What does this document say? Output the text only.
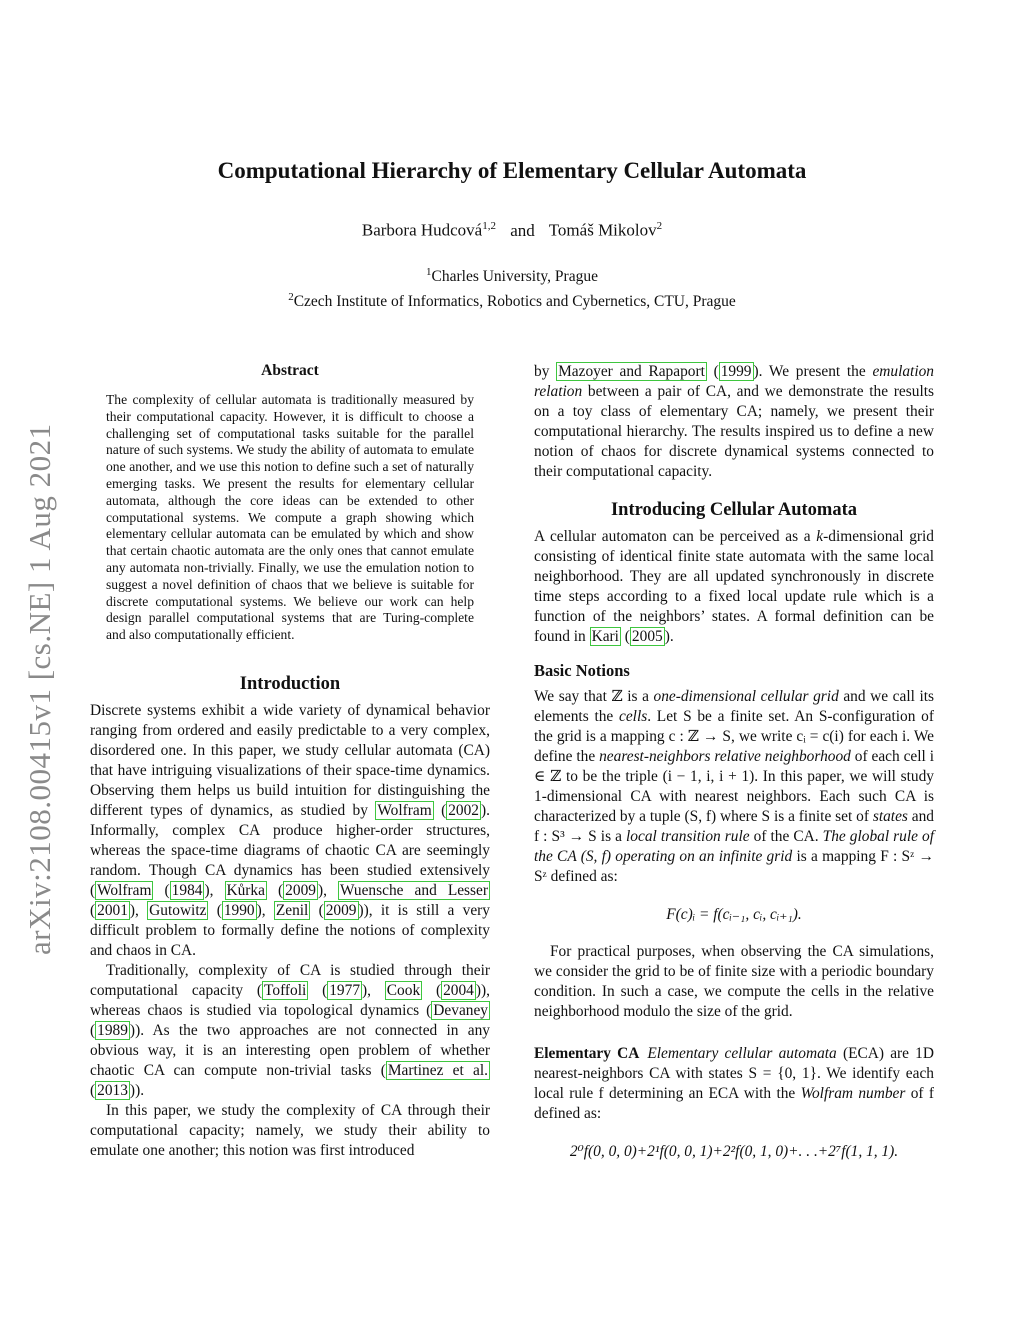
arXiv:2108.00415v1 [cs.NE] 1 Aug 2021
Computational Hierarchy of Elementary Cellular Automata
Barbora Hudcová$^{1,2}$ and Tomáš Mikolov$^2$
$^1$Charles University, Prague
$^2$Czech Institute of Informatics, Robotics and Cybernetics, CTU, Prague
Abstract

The complexity of cellular automata is traditionally measured by their computational capacity. However, it is difficult to choose a challenging set of computational tasks suitable for the parallel nature of such systems. We study the ability of automata to emulate one another, and we use this notion to define such a set of naturally emerging tasks. We present the results for elementary cellular automata, although the core ideas can be extended to other computational systems. We compute a graph showing which elementary cellular automata can be emulated by which and show that certain chaotic automata are the only ones that cannot emulate any automata non-trivially. Finally, we use the emulation notion to suggest a novel definition of chaos that we believe is suitable for discrete computational systems. We believe our work can help design parallel computational systems that are Turing-complete and also computationally efficient.

Introduction

Discrete systems exhibit a wide variety of dynamical behavior ranging from ordered and easily predictable to a very complex, disordered one. In this paper, we study cellular automata (CA) that have intriguing visualizations of their space-time dynamics. Observing them helps us build intuition for distinguishing the different types of dynamics, as studied by Wolfram ( 2002 ). Informally, complex CA produce higher-order structures, whereas the space-time diagrams of chaotic CA are seemingly random. Though CA dynamics has been studied extensively ( Wolfram ( 1984 ), Kůrka ( 2009 ), Wuensche and Lesser ( 2001 ), Gutowitz ( 1990 ), Zenil ( 2009 )), it is still a very difficult problem to formally define the notions of complexity and chaos in CA.

Traditionally, complexity of CA is studied through their computational capacity ( Toffoli ( 1977 ), Cook ( 2004 )), whereas chaos is studied via topological dynamics ( Devaney ( 1989 )). As the two approaches are not connected in any obvious way, it is an interesting open problem of whether chaotic CA can compute non-trivial tasks ( Martinez et al. ( 2013 )).

In this paper, we study the complexity of CA through their computational capacity; namely, we study their ability to emulate one another; this notion was first introduced

by Mazoyer and Rapaport ( 1999 ). We present the emulation relation between a pair of CA, and we demonstrate the results on a toy class of elementary CA; namely, we present their computational hierarchy. The results inspired us to define a new notion of chaos for discrete dynamical systems connected to their computational capacity.

Introducing Cellular Automata

A cellular automaton can be perceived as a k-dimensional grid consisting of identical finite state automata with the same local neighborhood. They are all updated synchronously in discrete time steps according to a fixed local update rule which is a function of the neighbors’ states. A formal definition can be found in Kari ( 2005 ).

Basic Notions

We say that ℤ is a one-dimensional cellular grid and we call its elements the cells. Let S be a finite set. An S-configuration of the grid is a mapping c : ℤ → S, we write cᵢ = c(i) for each i. We define the nearest-neighbors relative neighborhood of each cell i ∈ ℤ to be the triple (i − 1, i, i + 1). In this paper, we will study 1-dimensional CA with nearest neighbors. Each such CA is characterized by a tuple (S, f) where S is a finite set of states and f : S³ → S is a local transition rule of the CA. The global rule of the CA (S, f) operating on an infinite grid is a mapping F : Sᶻ → Sᶻ defined as:

F(c)ᵢ = f(cᵢ₋₁, cᵢ, cᵢ₊₁).

For practical purposes, when observing the CA simulations, we consider the grid to be of finite size with a periodic boundary condition. In such a case, we compute the cells in the relative neighborhood modulo the size of the grid.

Elementary CA Elementary cellular automata (ECA) are 1D nearest-neighbors CA with states S = {0, 1}. We identify each local rule f determining an ECA with the Wolfram number of f defined as:

2⁰f(0, 0, 0)+2¹f(0, 0, 1)+2²f(0, 1, 0)+. . .+2⁷f(1, 1, 1).
